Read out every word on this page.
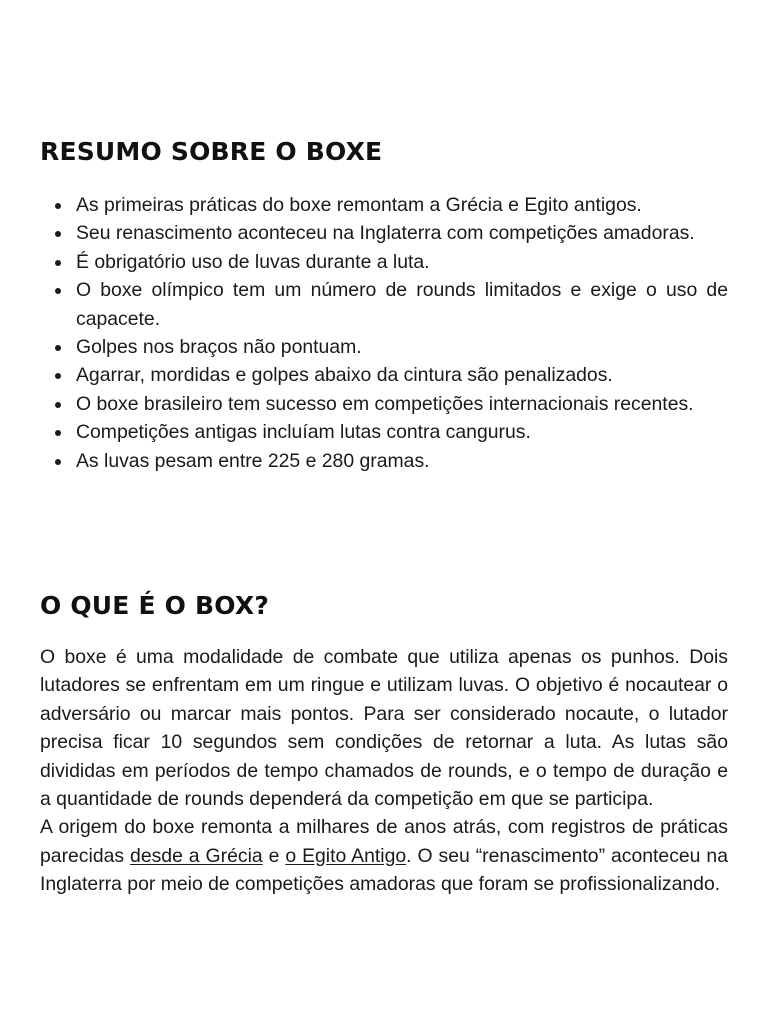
RESUMO SOBRE O BOXE
As primeiras práticas do boxe remontam a Grécia e Egito antigos.
Seu renascimento aconteceu na Inglaterra com competições amadoras.
É obrigatório uso de luvas durante a luta.
O boxe olímpico tem um número de rounds limitados e exige o uso de capacete.
Golpes nos braços não pontuam.
Agarrar, mordidas e golpes abaixo da cintura são penalizados.
O boxe brasileiro tem sucesso em competições internacionais recentes.
Competições antigas incluíam lutas contra cangurus.
As luvas pesam entre 225 e 280 gramas.
O QUE É O BOX?

O boxe é uma modalidade de combate que utiliza apenas os punhos. Dois lutadores se enfrentam em um ringue e utilizam luvas. O objetivo é nocautear o adversário ou marcar mais pontos. Para ser considerado nocaute, o lutador precisa ficar 10 segundos sem condições de retornar a luta. As lutas são divididas em períodos de tempo chamados de rounds, e o tempo de duração e a quantidade de rounds dependerá da competição em que se participa.

A origem do boxe remonta a milhares de anos atrás, com registros de práticas parecidas desde a Grécia e o Egito Antigo. O seu “renascimento” aconteceu na Inglaterra por meio de competições amadoras que foram se profissionalizando.
